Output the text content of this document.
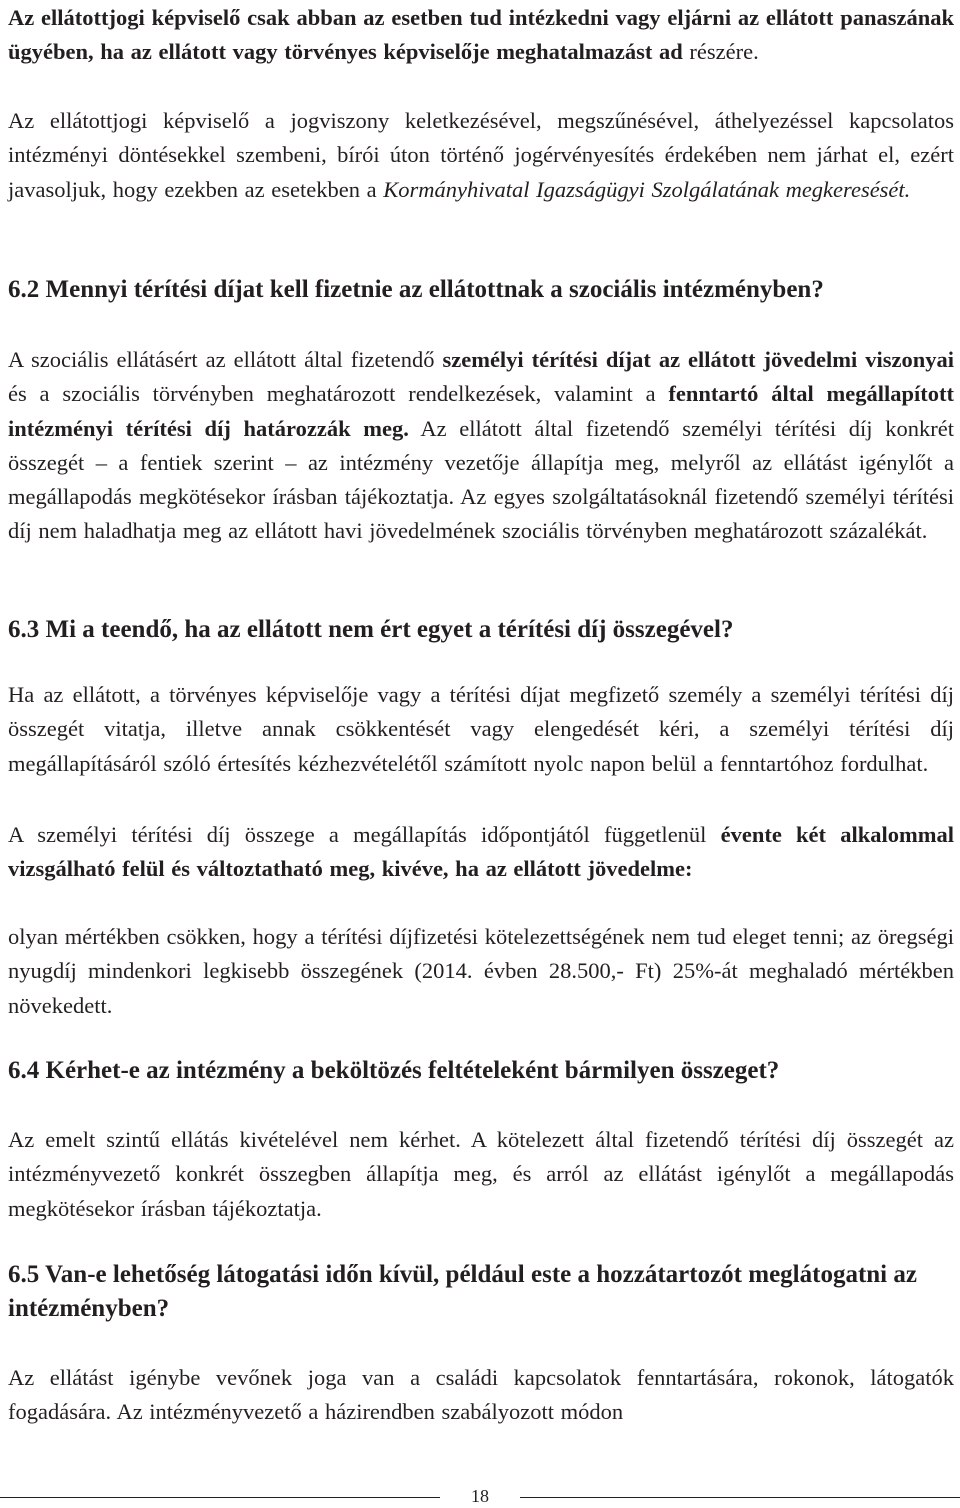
Az ellátottjogi képviselő csak abban az esetben tud intézkedni vagy eljárni az ellátott panaszának ügyében, ha az ellátott vagy törvényes képviselője meghatalmazást ad részére.

Az ellátottjogi képviselő a jogviszony keletkezésével, megszűnésével, áthelyezéssel kapcsolatos intézményi döntésekkel szembeni, bírói úton történő jogérvényesítés érdekében nem járhat el, ezért javasoljuk, hogy ezekben az esetekben a Kormányhivatal Igazságügyi Szolgálatának megkeresését.

6.2 Mennyi térítési díjat kell fizetnie az ellátottnak a szociális intézményben?

A szociális ellátásért az ellátott által fizetendő személyi térítési díjat az ellátott jövedelmi viszonyai és a szociális törvényben meghatározott rendelkezések, valamint a fenntartó által megállapított intézményi térítési díj határozzák meg. Az ellátott által fizetendő személyi térítési díj konkrét összegét – a fentiek szerint – az intézmény vezetője állapítja meg, melyről az ellátást igénylőt a megállapodás megkötésekor írásban tájékoztatja. Az egyes szolgáltatásoknál fizetendő személyi térítési díj nem haladhatja meg az ellátott havi jövedelmének szociális törvényben meghatározott százalékát.

6.3 Mi a teendő, ha az ellátott nem ért egyet a térítési díj összegével?

Ha az ellátott, a törvényes képviselője vagy a térítési díjat megfizető személy a személyi térítési díj összegét vitatja, illetve annak csökkentését vagy elengedését kéri, a személyi térítési díj megállapításáról szóló értesítés kézhezvételétől számított nyolc napon belül a fenntartóhoz fordulhat.

A személyi térítési díj összege a megállapítás időpontjától függetlenül évente két alkalommal vizsgálható felül és változtatható meg, kivéve, ha az ellátott jövedelme:

olyan mértékben csökken, hogy a térítési díjfizetési kötelezettségének nem tud eleget tenni; az öregségi nyugdíj mindenkori legkisebb összegének (2014. évben 28.500,- Ft) 25%-át meghaladó mértékben növekedett.

6.4 Kérhet-e az intézmény a beköltözés feltételeként bármilyen összeget?

Az emelt szintű ellátás kivételével nem kérhet. A kötelezett által fizetendő térítési díj összegét az intézményvezető konkrét összegben állapítja meg, és arról az ellátást igénylőt a megállapodás megkötésekor írásban tájékoztatja.

6.5 Van-e lehetőség látogatási időn kívül, például este a hozzátartozót meglátogatni az intézményben?

Az ellátást igénybe vevőnek joga van a családi kapcsolatok fenntartására, rokonok, látogatók fogadására. Az intézményvezető a házirendben szabályozott módon

18
